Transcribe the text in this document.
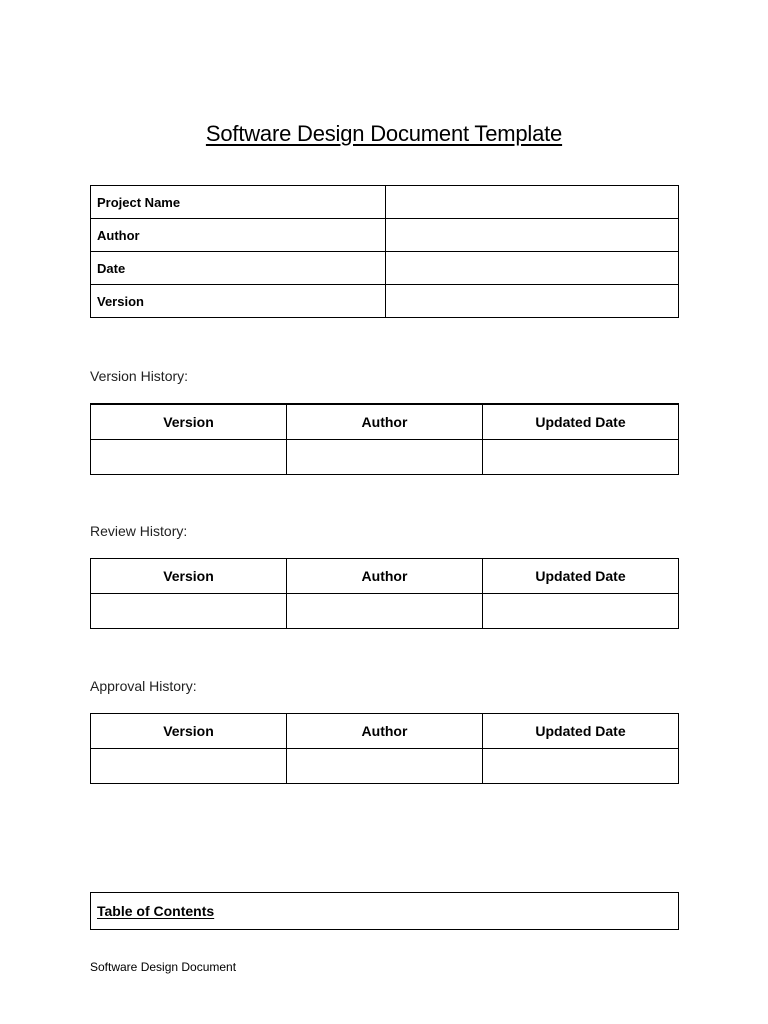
Software Design Document Template
Project Name	
Author	
Date	
Version	
Version History:
Version	Author	Updated Date

Review History:
Version	Author	Updated Date

Approval History:
Version	Author	Updated Date

Table of Contents
Software Design Document
